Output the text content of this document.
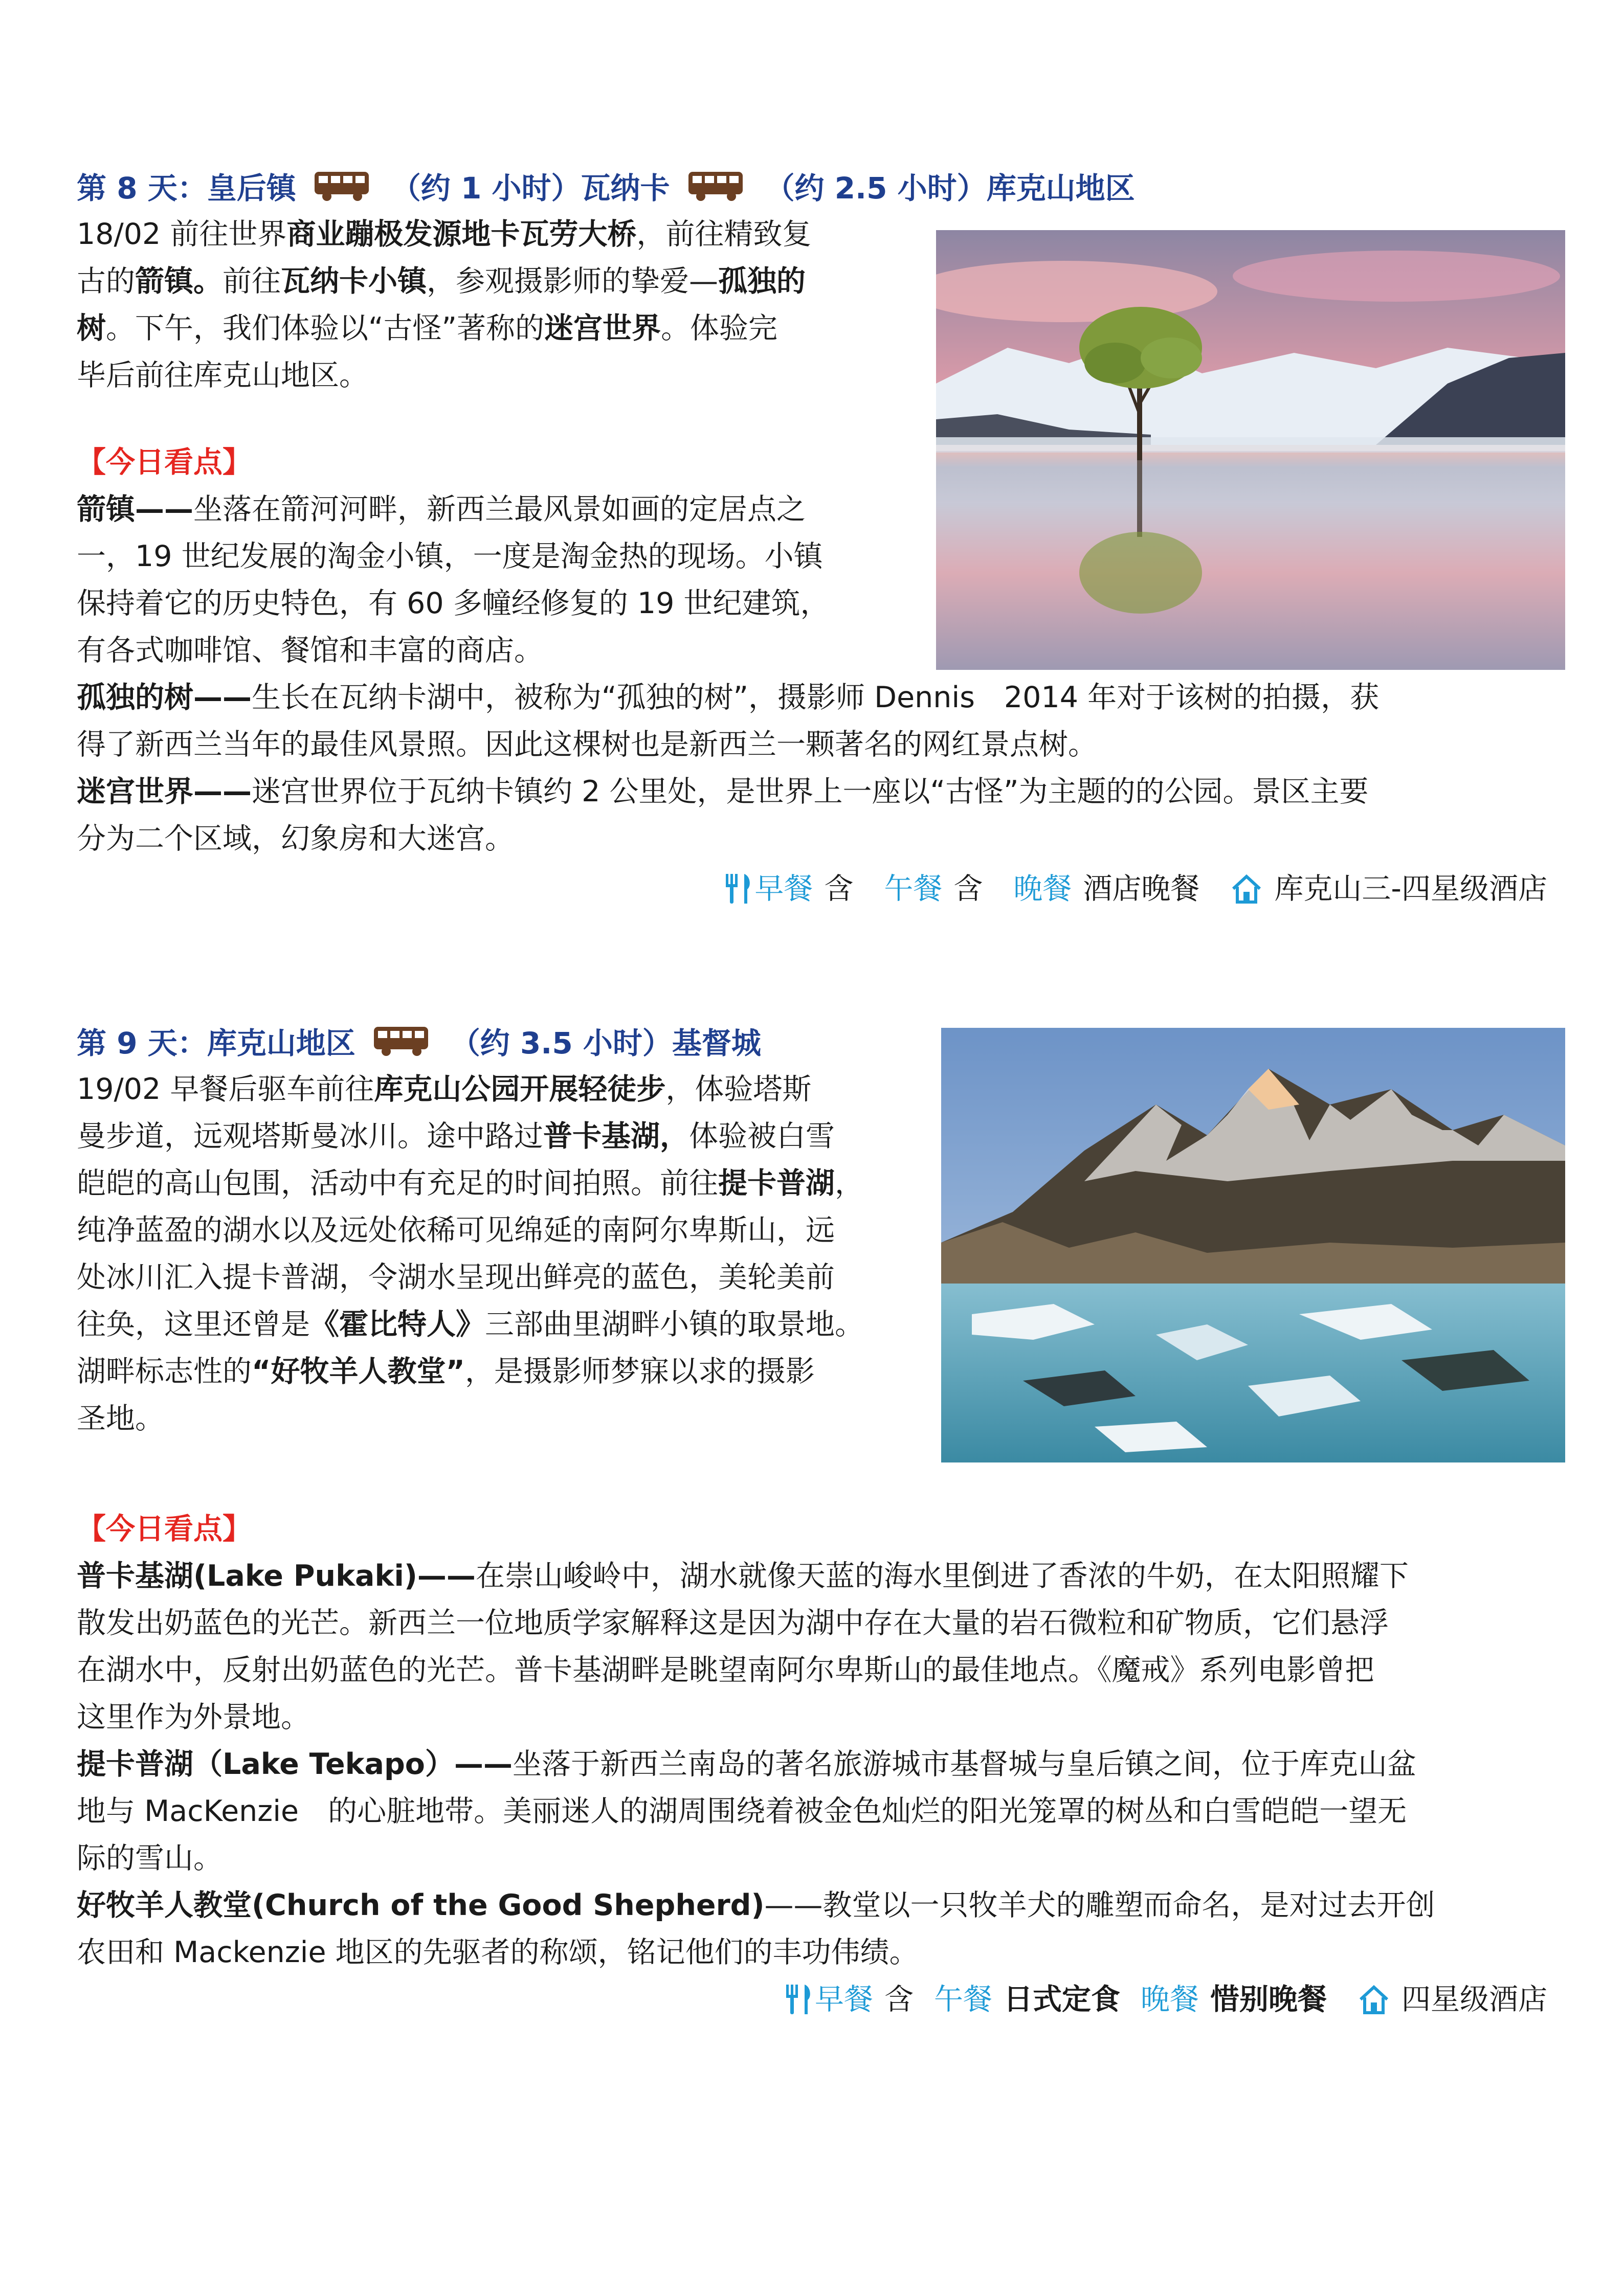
第 8 天：皇后镇	（约 1 小时）瓦纳卡	（约 2.5 小时）库克山地区

18/02 前往世界商业蹦极发源地卡瓦劳大桥，前往精致复

古的箭镇。前往瓦纳卡小镇，参观摄影师的挚爱—孤独的

树。下午，我们体验以“古怪”著称的迷宫世界。体验完

毕后前往库克山地区。

【今日看点】

箭镇——坐落在箭河河畔，新西兰最风景如画的定居点之

一，19 世纪发展的淘金小镇，一度是淘金热的现场。小镇

保持着它的历史特色，有 60 多幢经修复的 19 世纪建筑，

有各式咖啡馆、餐馆和丰富的商店。

孤独的树——生长在瓦纳卡湖中，被称为“孤独的树”，摄影师 Dennis　2014 年对于该树的拍摄，获

得了新西兰当年的最佳风景照。因此这棵树也是新西兰一颗著名的网红景点树。

迷宫世界——迷宫世界位于瓦纳卡镇约 2 公里处，是世界上一座以“古怪”为主题的的公园。景区主要

分为二个区域，幻象房和大迷宫。

早餐 含 午餐 含 晚餐 酒店晚餐	库克山三-四星级酒店
第 9 天：库克山地区	（约 3.5 小时）基督城

19/02 早餐后驱车前往库克山公园开展轻徒步，体验塔斯

曼步道，远观塔斯曼冰川。途中路过普卡基湖，体验被白雪

皑皑的高山包围，活动中有充足的时间拍照。前往提卡普湖，

纯净蓝盈的湖水以及远处依稀可见绵延的南阿尔卑斯山，远

处冰川汇入提卡普湖，令湖水呈现出鲜亮的蓝色，美轮美前

往奂，这里还曾是《霍比特人》三部曲里湖畔小镇的取景地。

湖畔标志性的“好牧羊人教堂”，是摄影师梦寐以求的摄影

圣地。

【今日看点】

普卡基湖(Lake Pukaki)——在崇山峻岭中，湖水就像天蓝的海水里倒进了香浓的牛奶，在太阳照耀下

散发出奶蓝色的光芒。新西兰一位地质学家解释这是因为湖中存在大量的岩石微粒和矿物质，它们悬浮

在湖水中，反射出奶蓝色的光芒。普卡基湖畔是眺望南阿尔卑斯山的最佳地点。《魔戒》系列电影曾把

这里作为外景地。

提卡普湖（Lake Tekapo）——坐落于新西兰南岛的著名旅游城市基督城与皇后镇之间，位于库克山盆

地与 MacKenzie　的心脏地带。美丽迷人的湖周围绕着被金色灿烂的阳光笼罩的树丛和白雪皑皑一望无

际的雪山。

好牧羊人教堂(Church of the Good Shepherd)——教堂以一只牧羊犬的雕塑而命名，是对过去开创

农田和 Mackenzie 地区的先驱者的称颂，铭记他们的丰功伟绩。

早餐 含 午餐 日式定食 晚餐 惜别晚餐	四星级酒店
